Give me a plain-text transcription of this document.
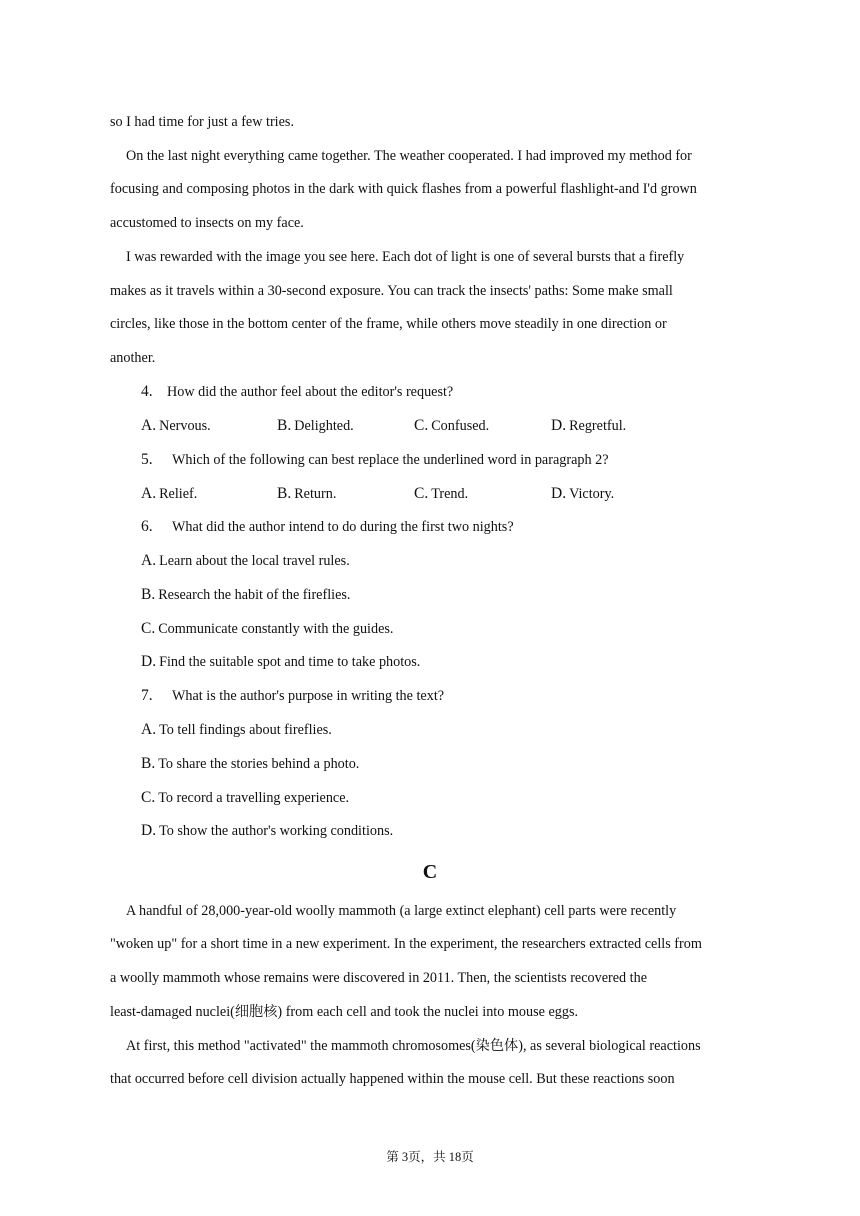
so I had time for just a few tries.
On the last night everything came together. The weather cooperated. I had improved my method for
focusing and composing photos in the dark with quick flashes from a powerful flashlight-and I'd grown
accustomed to insects on my face.
I was rewarded with the image you see here. Each dot of light is one of several bursts that a firefly
makes as it travels within a 30-second exposure. You can track the insects' paths: Some make small
circles, like those in the bottom center of the frame, while others move steadily in one direction or
another.
4. How did the author feel about the editor's request?
A. Nervous.	B. Delighted.	C. Confused.	D. Regretful.
5. Which of the following can best replace the underlined word in paragraph 2?
A. Relief.	B. Return.	C. Trend.	D. Victory.
6. What did the author intend to do during the first two nights?
A. Learn about the local travel rules.
B. Research the habit of the fireflies.
C. Communicate constantly with the guides.
D. Find the suitable spot and time to take photos.
7. What is the author's purpose in writing the text?
A. To tell findings about fireflies.
B. To share the stories behind a photo.
C. To record a travelling experience.
D. To show the author's working conditions.
C
A handful of 28,000-year-old woolly mammoth (a large extinct elephant) cell parts were recently
"woken up" for a short time in a new experiment. In the experiment, the researchers extracted cells from
a woolly mammoth whose remains were discovered in 2011. Then, the scientists recovered the
least-damaged nuclei(细胞核) from each cell and took the nuclei into mouse eggs.
At first, this method "activated" the mammoth chromosomes(染色体), as several biological reactions
that occurred before cell division actually happened within the mouse cell. But these reactions soon
第 3页，共 18页
